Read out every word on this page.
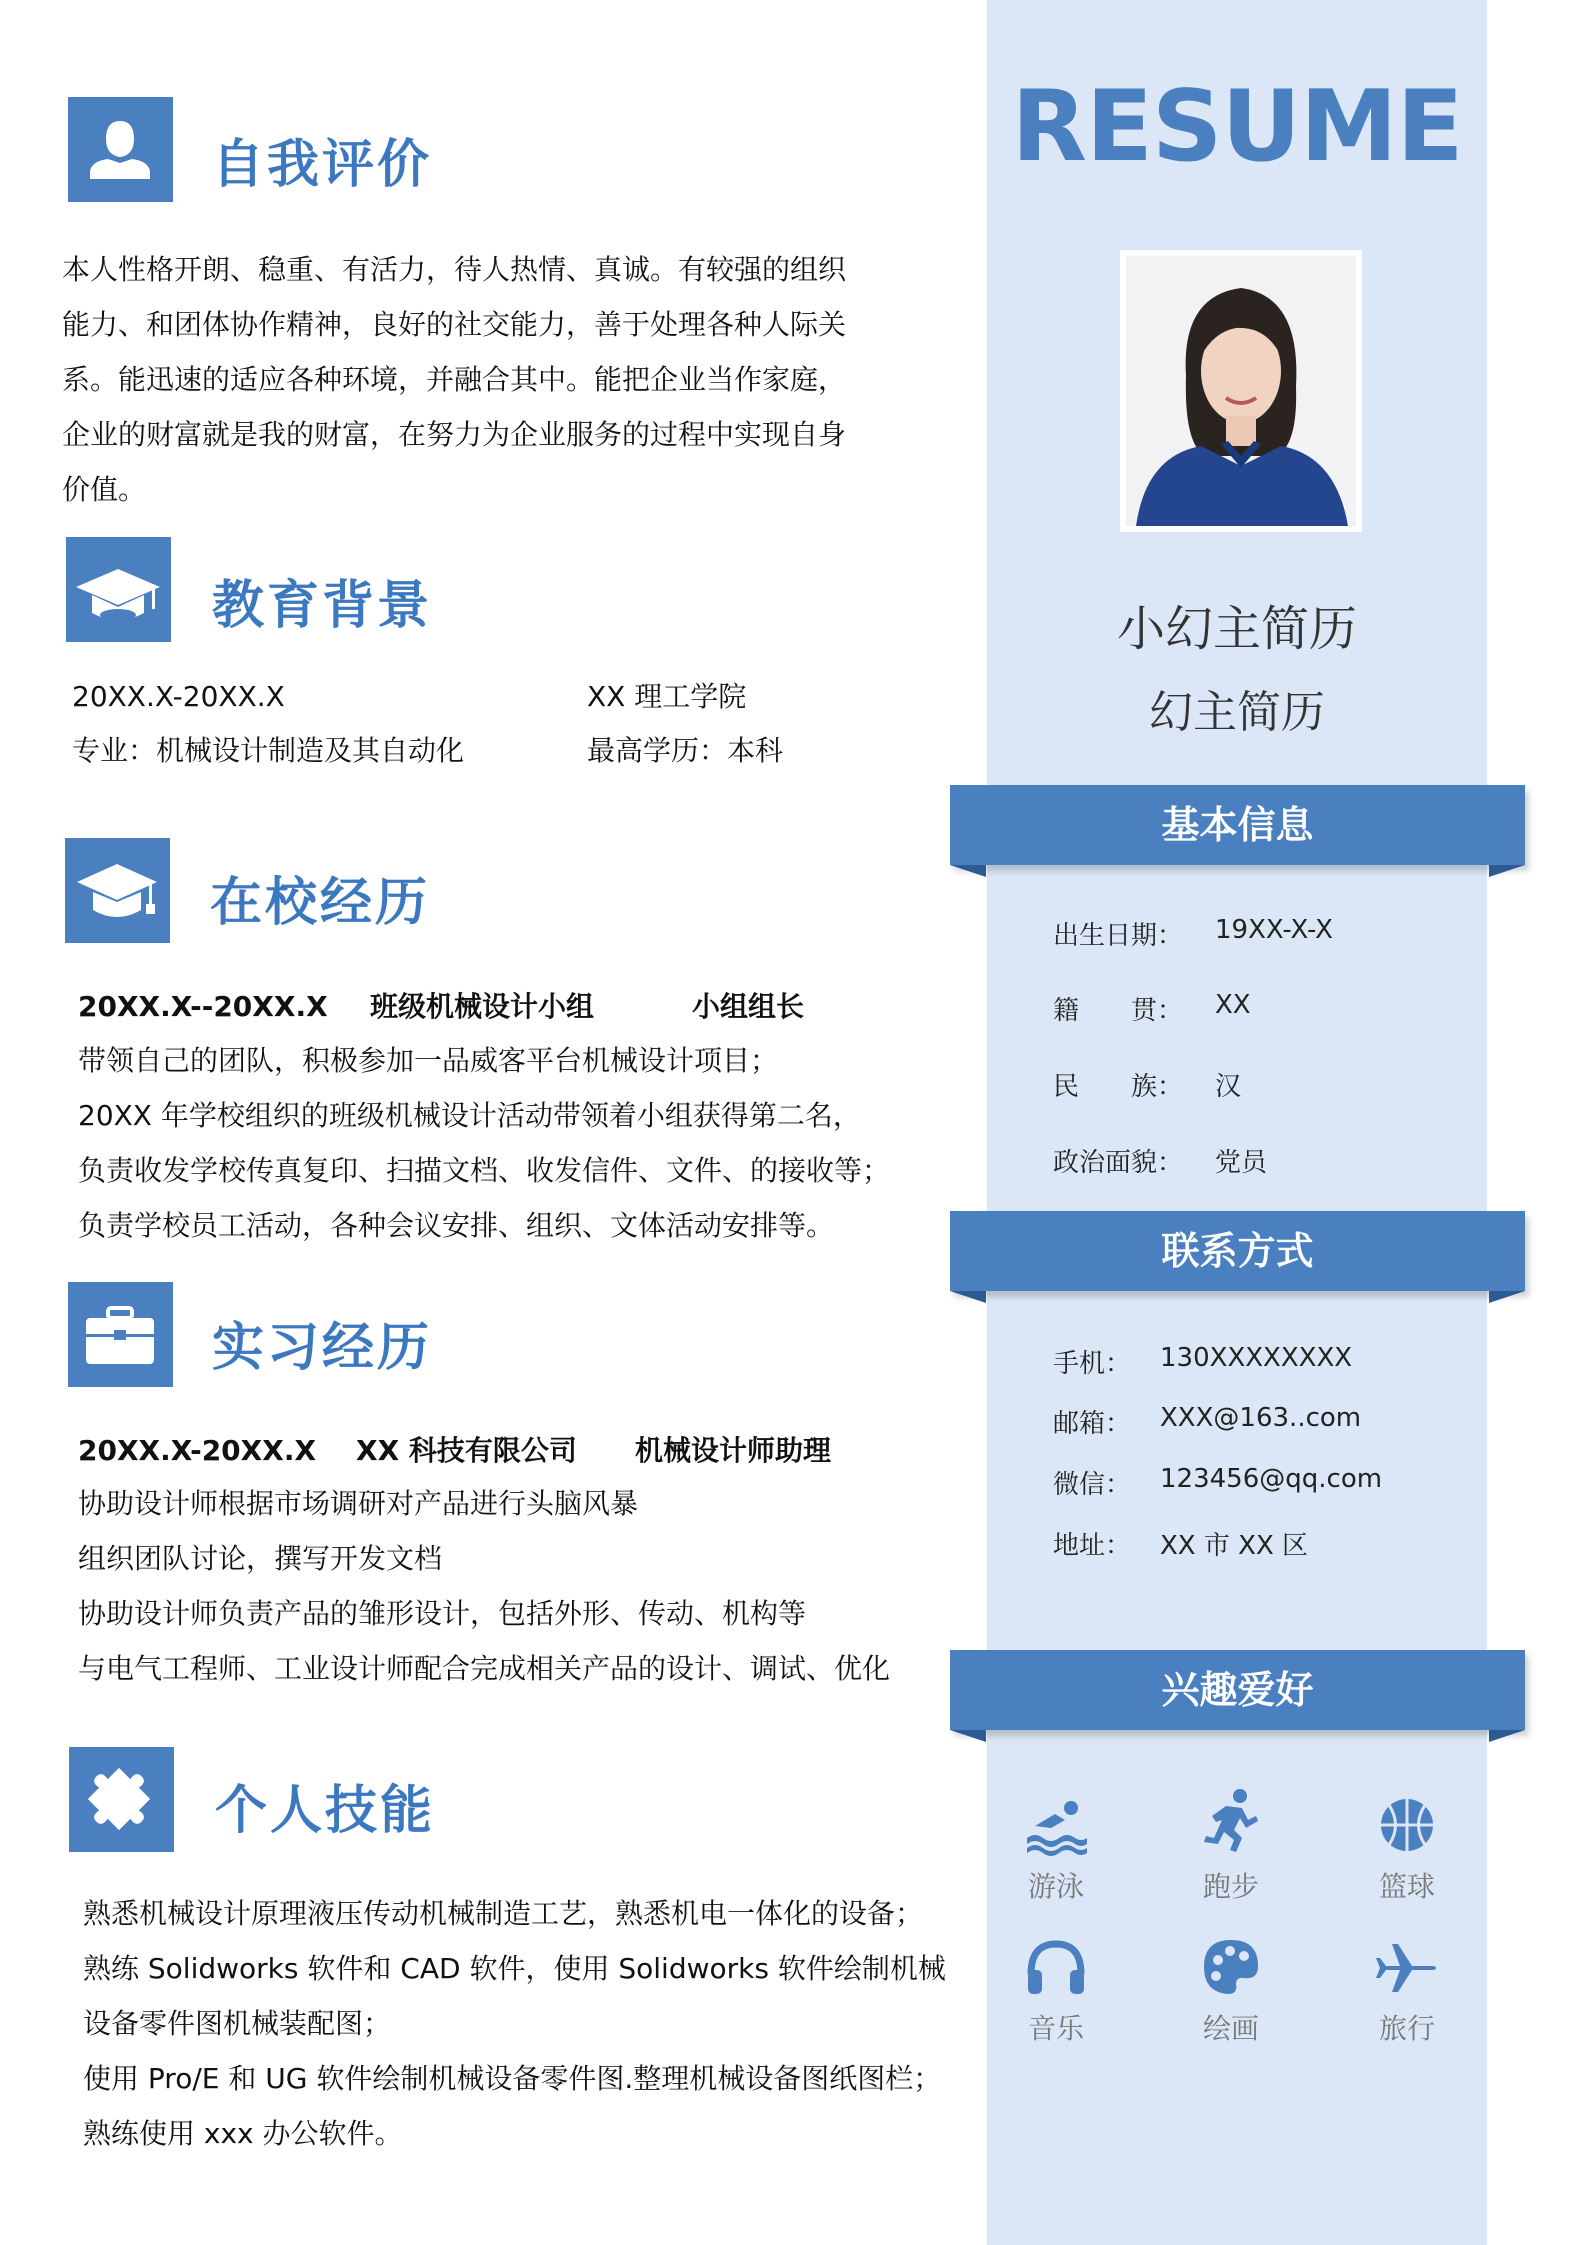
RESUME
小幻主简历
基本信息
出生日期： 19XX-X-X
籍　　贯： XX
民　　族： 汉
政治面貌： 党员
联系方式
手机： 130XXXXXXXX
邮箱： XXX@163..com
微信： 123456@qq.com
地址： XX 市 XX 区
兴趣爱好
游泳	跑步	篮球
音乐	绘画	旅行
自我评价
本人性格开朗、稳重、有活力，待人热情、真诚。有较强的组织
能力、和团体协作精神，良好的社交能力，善于处理各种人际关
系。能迅速的适应各种环境，并融合其中。能把企业当作家庭，
企业的财富就是我的财富，在努力为企业服务的过程中实现自身
价值。
教育背景
20XX.X-20XX.X	XX 理工学院
专业：机械设计制造及其自动化	最高学历：本科
在校经历
20XX.X--20XX.X 班级机械设计小组	小组组长
带领自己的团队，积极参加一品威客平台机械设计项目；
20XX 年学校组织的班级机械设计活动带领着小组获得第二名，
负责收发学校传真复印、扫描文档、收发信件、文件、的接收等；
负责学校员工活动，各种会议安排、组织、文体活动安排等。
实习经历
20XX.X-20XX.X XX 科技有限公司 机械设计师助理
协助设计师根据市场调研对产品进行头脑风暴
组织团队讨论，撰写开发文档
协助设计师负责产品的雏形设计，包括外形、传动、机构等
与电气工程师、工业设计师配合完成相关产品的设计、调试、优化
个人技能
熟悉机械设计原理液压传动机械制造工艺，熟悉机电一体化的设备；
熟练 Solidworks 软件和 CAD 软件，使用 Solidworks 软件绘制机械
设备零件图机械装配图；
使用 Pro/E 和 UG 软件绘制机械设备零件图.整理机械设备图纸图栏；
熟练使用 xxx 办公软件。
